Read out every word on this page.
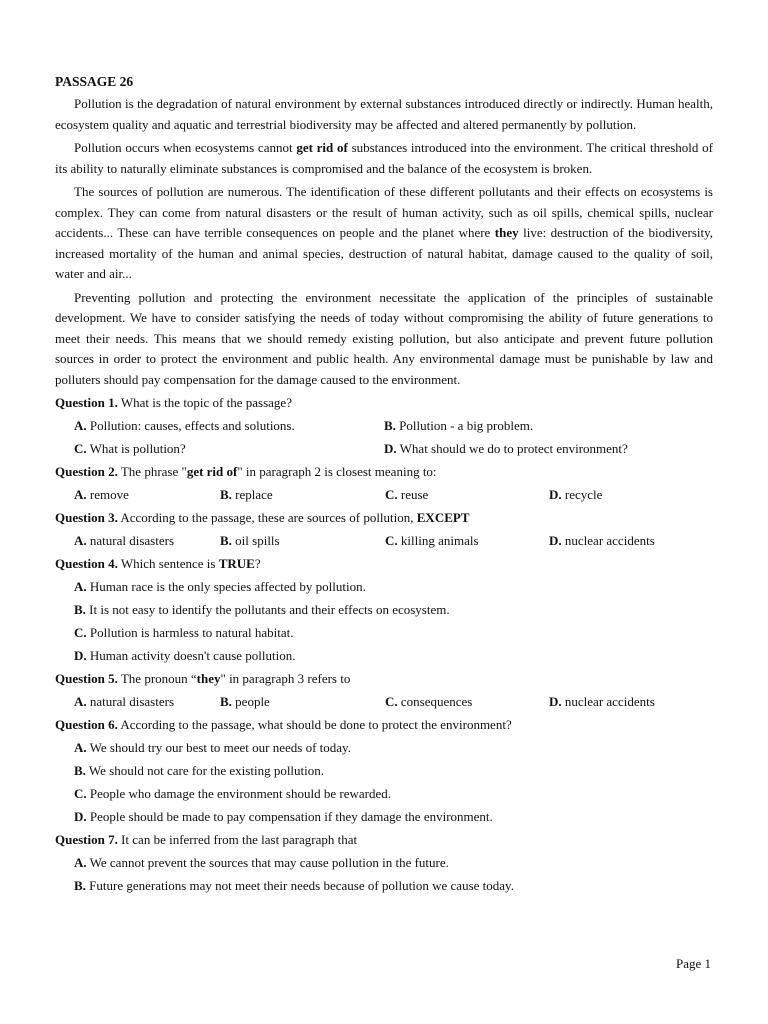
PASSAGE 26

Pollution is the degradation of natural environment by external substances introduced directly or indirectly. Human health, ecosystem quality and aquatic and terrestrial biodiversity may be affected and altered permanently by pollution.

Pollution occurs when ecosystems cannot get rid of substances introduced into the environment. The critical threshold of its ability to naturally eliminate substances is compromised and the balance of the ecosystem is broken.

The sources of pollution are numerous. The identification of these different pollutants and their effects on ecosystems is complex. They can come from natural disasters or the result of human activity, such as oil spills, chemical spills, nuclear accidents... These can have terrible consequences on people and the planet where they live: destruction of the biodiversity, increased mortality of the human and animal species, destruction of natural habitat, damage caused to the quality of soil, water and air...

Preventing pollution and protecting the environment necessitate the application of the principles of sustainable development. We have to consider satisfying the needs of today without compromising the ability of future generations to meet their needs. This means that we should remedy existing pollution, but also anticipate and prevent future pollution sources in order to protect the environment and public health. Any environmental damage must be punishable by law and polluters should pay compensation for the damage caused to the environment.

Question 1. What is the topic of the passage?
A. Pollution: causes, effects and solutions.	B. Pollution - a big problem.
C. What is pollution?	D. What should we do to protect environment?
Question 2. The phrase "get rid of" in paragraph 2 is closest meaning to:
A. remove	B. replace	C. reuse	D. recycle
Question 3. According to the passage, these are sources of pollution, EXCEPT
A. natural disasters	B. oil spills	C. killing animals	D. nuclear accidents
Question 4. Which sentence is TRUE?
A. Human race is the only species affected by pollution.
B. It is not easy to identify the pollutants and their effects on ecosystem.
C. Pollution is harmless to natural habitat.
D. Human activity doesn't cause pollution.
Question 5. The pronoun “they" in paragraph 3 refers to
A. natural disasters	B. people	C. consequences	D. nuclear accidents
Question 6. According to the passage, what should be done to protect the environment?
A. We should try our best to meet our needs of today.
B. We should not care for the existing pollution.
C. People who damage the environment should be rewarded.
D. People should be made to pay compensation if they damage the environment.
Question 7. It can be inferred from the last paragraph that
A. We cannot prevent the sources that may cause pollution in the future.
B. Future generations may not meet their needs because of pollution we cause today.
Page 1
